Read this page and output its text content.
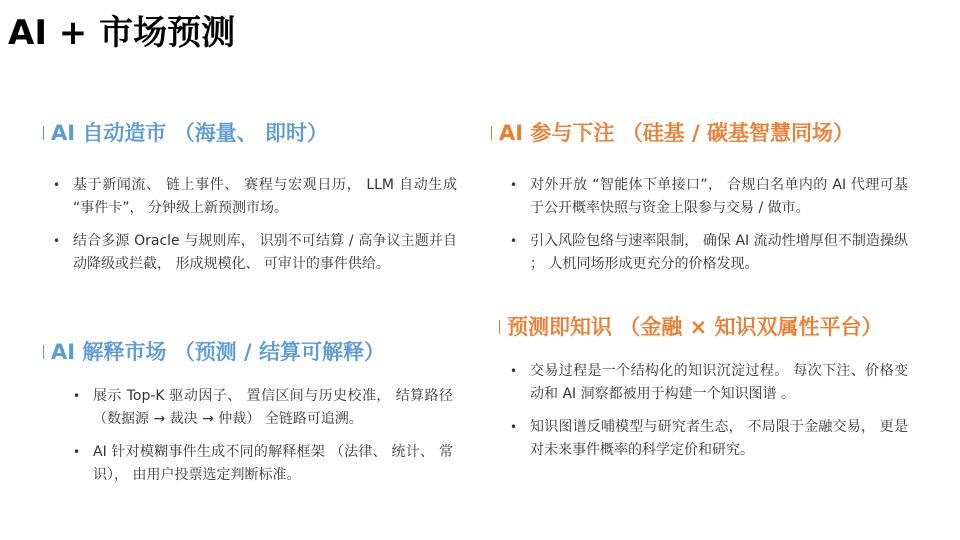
AI + 市场预测
AI 自动造市 （海量、 即时）
• 基于新闻流、 链上事件、 赛程与宏观日历， LLM 自动生成 “事件卡”， 分钟级上新预测市场。
• 结合多源 Oracle 与规则库， 识别不可结算 / 高争议主题并自动降级或拦截， 形成规模化、 可审计的事件供给。
AI 参与下注 （硅基 / 碳基智慧同场）
• 对外开放 “智能体下单接口”， 合规白名单内的 AI 代理可基于公开概率快照与资金上限参与交易 / 做市。
• 引入风险包络与速率限制， 确保 AI 流动性增厚但不制造操纵 ； 人机同场形成更充分的价格发现。
AI 解释市场 （预测 / 结算可解释）
• 展示 Top-K 驱动因子、 置信区间与历史校准， 结算路径 （数据源 → 裁决 → 仲裁） 全链路可追溯。
• AI 针对模糊事件生成不同的解释框架 （法律、 统计、 常识）， 由用户投票选定判断标准。
预测即知识 （金融 × 知识双属性平台）
• 交易过程是一个结构化的知识沉淀过程。 每次下注、价格变动和 AI 洞察都被用于构建一个知识图谱 。
• 知识图谱反哺模型与研究者生态， 不局限于金融交易， 更是对未来事件概率的科学定价和研究。
